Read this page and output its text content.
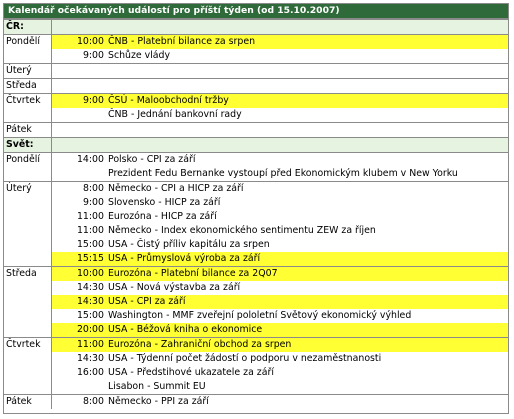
Kalendář očekávaných událostí pro příští týden (od 15.10.2007)
ČR:		
Pondělí	10:00	ČNB - Platební bilance za srpen
	9:00	Schůze vlády
Úterý		
Středa		
Čtvrtek	9:00	ČSÚ - Maloobchodní tržby
		ČNB - Jednání bankovní rady
Pátek		
Svět:		
Pondělí	14:00	Polsko - CPI za září
		Prezident Fedu Bernanke vystoupí před Ekonomickým klubem v New Yorku
Úterý	8:00	Německo - CPI a HICP za září
	9:00	Slovensko - HICP za září
	11:00	Eurozóna - HICP za září
	11:00	Německo - Index ekonomického sentimentu ZEW za říjen
	15:00	USA - Čistý příliv kapitálu za srpen
	15:15	USA - Průmyslová výroba za září
Středa	10:00	Eurozóna - Platební bilance za 2Q07
	14:30	USA - Nová výstavba za září
	14:30	USA - CPI za září
	15:00	Washington - MMF zveřejní pololetní Světový ekonomický výhled
	20:00	USA - Béžová kniha o ekonomice
Čtvrtek	11:00	Eurozóna - Zahraniční obchod za srpen
	14:30	USA - Týdenní počet žádostí o podporu v nezaměstnanosti
	16:00	USA - Předstihové ukazatele za září
		Lisabon - Summit EU
Pátek	8:00	Německo - PPI za září
